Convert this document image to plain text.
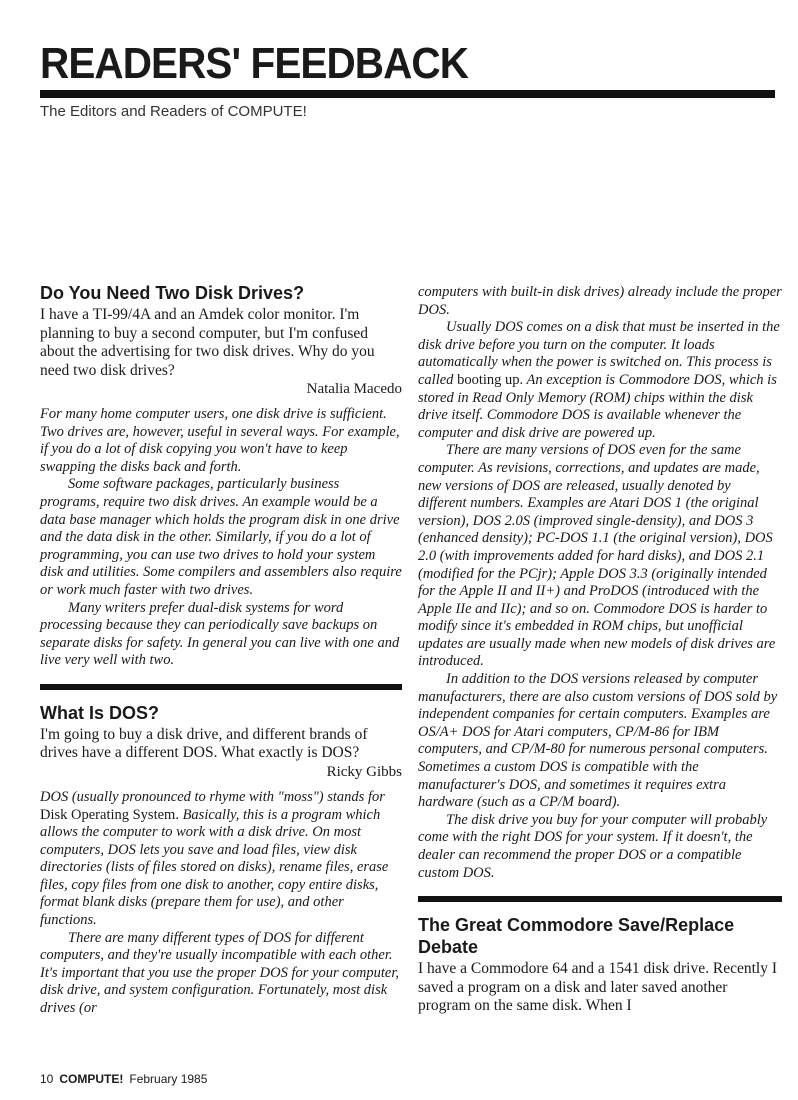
READERS' FEEDBACK
The Editors and Readers of COMPUTE!
Do You Need Two Disk Drives?

I have a TI-99/4A and an Amdek color monitor. I'm planning to buy a second computer, but I'm confused about the advertising for two disk drives. Why do you need two disk drives?

Natalia Macedo

For many home computer users, one disk drive is sufficient. Two drives are, however, useful in several ways. For example, if you do a lot of disk copying you won't have to keep swapping the disks back and forth.

Some software packages, particularly business programs, require two disk drives. An example would be a data base manager which holds the program disk in one drive and the data disk in the other. Similarly, if you do a lot of programming, you can use two drives to hold your system disk and utilities. Some compilers and assemblers also require or work much faster with two drives.

Many writers prefer dual-disk systems for word processing because they can periodically save backups on separate disks for safety. In general you can live with one and live very well with two.

What Is DOS?

I'm going to buy a disk drive, and different brands of drives have a different DOS. What exactly is DOS?

Ricky Gibbs

DOS (usually pronounced to rhyme with "moss") stands for Disk Operating System. Basically, this is a program which allows the computer to work with a disk drive. On most computers, DOS lets you save and load files, view disk directories (lists of files stored on disks), rename files, erase files, copy files from one disk to another, copy entire disks, format blank disks (prepare them for use), and other functions.

There are many different types of DOS for different computers, and they're usually incompatible with each other. It's important that you use the proper DOS for your computer, disk drive, and system configuration. Fortunately, most disk drives (or

computers with built-in disk drives) already include the proper DOS.

Usually DOS comes on a disk that must be inserted in the disk drive before you turn on the computer. It loads automatically when the power is switched on. This process is called booting up. An exception is Commodore DOS, which is stored in Read Only Memory (ROM) chips within the disk drive itself. Commodore DOS is available whenever the computer and disk drive are powered up.

There are many versions of DOS even for the same computer. As revisions, corrections, and updates are made, new versions of DOS are released, usually denoted by different numbers. Examples are Atari DOS 1 (the original version), DOS 2.0S (improved single-density), and DOS 3 (enhanced density); PC-DOS 1.1 (the original version), DOS 2.0 (with improvements added for hard disks), and DOS 2.1 (modified for the PCjr); Apple DOS 3.3 (originally intended for the Apple II and II+) and ProDOS (introduced with the Apple IIe and IIc); and so on. Commodore DOS is harder to modify since it's embedded in ROM chips, but unofficial updates are usually made when new models of disk drives are introduced.

In addition to the DOS versions released by computer manufacturers, there are also custom versions of DOS sold by independent companies for certain computers. Examples are OS/A+ DOS for Atari computers, CP/M-86 for IBM computers, and CP/M-80 for numerous personal computers. Sometimes a custom DOS is compatible with the manufacturer's DOS, and sometimes it requires extra hardware (such as a CP/M board).

The disk drive you buy for your computer will probably come with the right DOS for your system. If it doesn't, the dealer can recommend the proper DOS or a compatible custom DOS.

The Great Commodore Save/Replace Debate

I have a Commodore 64 and a 1541 disk drive. Recently I saved a program on a disk and later saved another program on the same disk. When I

10 COMPUTE! February 1985
